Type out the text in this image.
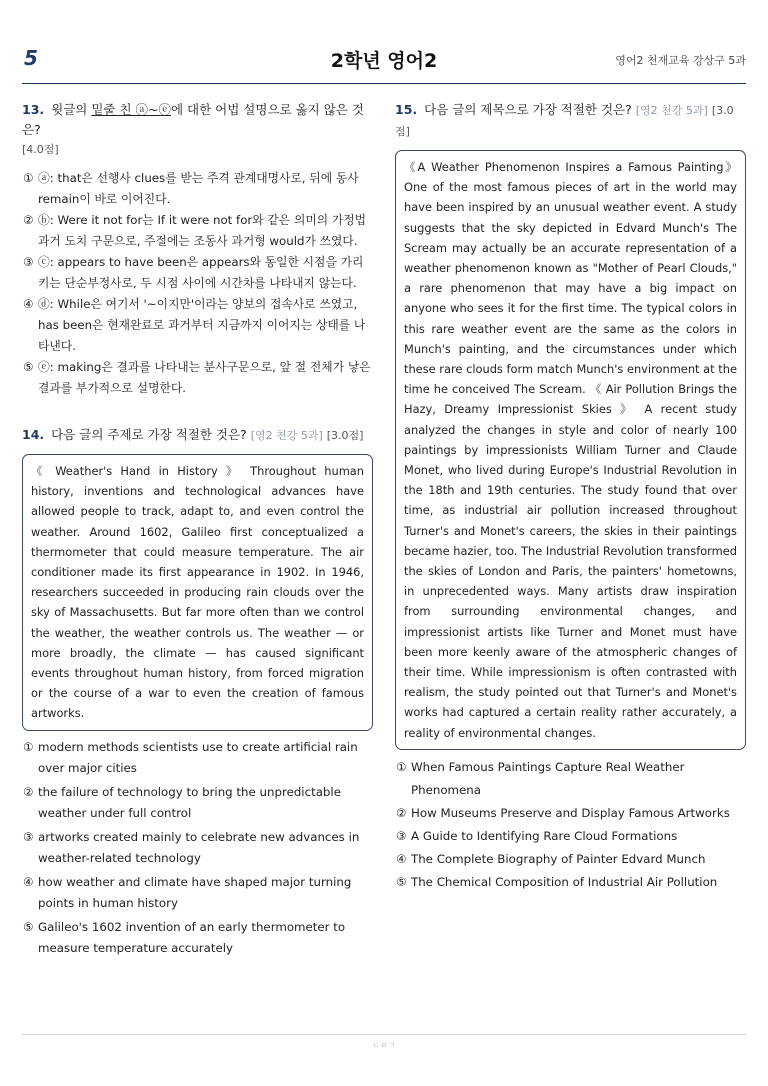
5	2학년 영어2	영어2 천재교육 강상구 5과
13. 윗글의 밑줄 친 ⓐ~ⓔ에 대한 어법 설명으로 옳지 않은 것은?
[4.0점]
① ⓐ: that은 선행사 clues를 받는 주격 관계대명사로, 뒤에 동사 remain이 바로 이어진다.
② ⓑ: Were it not for는 If it were not for와 같은 의미의 가정법 과거 도치 구문으로, 주절에는 조동사 과거형 would가 쓰였다.
③ ⓒ: appears to have been은 appears와 동일한 시점을 가리키는 단순부정사로, 두 시점 사이에 시간차를 나타내지 않는다.
④ ⓓ: While은 여기서 '~이지만'이라는 양보의 접속사로 쓰였고, has been은 현재완료로 과거부터 지금까지 이어지는 상태를 나타낸다.
⑤ ⓔ: making은 결과를 나타내는 분사구문으로, 앞 절 전체가 낳은 결과를 부가적으로 설명한다.
14. 다음 글의 주제로 가장 적절한 것은? [영2 천강 5과] [3.0점]
《 Weather's Hand in History 》 Throughout human history, inventions and technological advances have allowed people to track, adapt to, and even control the weather. Around 1602, Galileo first conceptualized a thermometer that could measure temperature. The air conditioner made its first appearance in 1902. In 1946, researchers succeeded in producing rain clouds over the sky of Massachusetts. But far more often than we control the weather, the weather controls us. The weather — or more broadly, the climate — has caused significant events throughout human history, from forced migration or the course of a war to even the creation of famous artworks.
① modern methods scientists use to create artificial rain over major cities
② the failure of technology to bring the unpredictable weather under full control
③ artworks created mainly to celebrate new advances in weather-related technology
④ how weather and climate have shaped major turning points in human history
⑤ Galileo's 1602 invention of an early thermometer to measure temperature accurately
15. 다음 글의 제목으로 가장 적절한 것은? [영2 천강 5과] [3.0점]
《A Weather Phenomenon Inspires a Famous Painting》 One of the most famous pieces of art in the world may have been inspired by an unusual weather event. A study suggests that the sky depicted in Edvard Munch's The Scream may actually be an accurate representation of a weather phenomenon known as "Mother of Pearl Clouds," a rare phenomenon that may have a big impact on anyone who sees it for the first time. The typical colors in this rare weather event are the same as the colors in Munch's painting, and the circumstances under which these rare clouds form match Munch's environment at the time he conceived The Scream. 《 Air Pollution Brings the Hazy, Dreamy Impressionist Skies 》 A recent study analyzed the changes in style and color of nearly 100 paintings by impressionists William Turner and Claude Monet, who lived during Europe's Industrial Revolution in the 18th and 19th centuries. The study found that over time, as industrial air pollution increased throughout Turner's and Monet's careers, the skies in their paintings became hazier, too. The Industrial Revolution transformed the skies of London and Paris, the painters' hometowns, in unprecedented ways. Many artists draw inspiration from surrounding environmental changes, and impressionist artists like Turner and Monet must have been more keenly aware of the atmospheric changes of their time. While impressionism is often contrasted with realism, the study pointed out that Turner's and Monet's works had captured a certain reality rather accurately, a reality of environmental changes.
① When Famous Paintings Capture Real Weather Phenomena
② How Museums Preserve and Display Famous Artworks
③ A Guide to Identifying Rare Cloud Formations
④ The Complete Biography of Painter Edvard Munch
⑤ The Chemical Composition of Industrial Air Pollution
ㄴㅇㄱ
